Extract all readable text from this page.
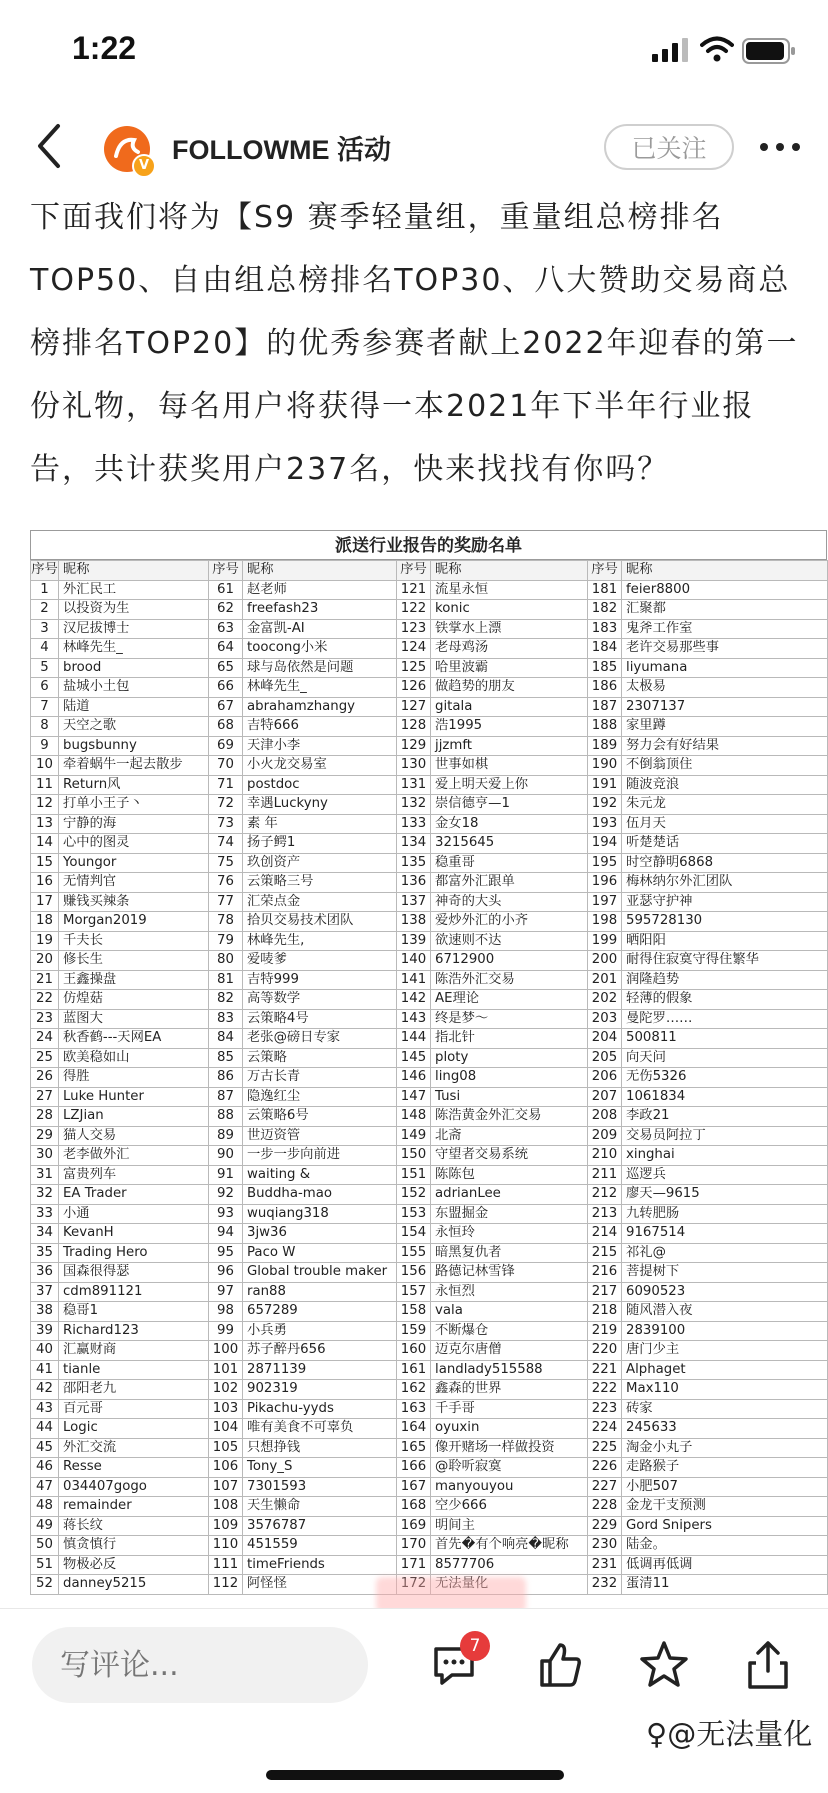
1:22
V
FOLLOWME 活动	已关注
下面我们将为【S9 赛季轻量组，重量组总榜排名TOP50、自由组总榜排名TOP30、八大赞助交易商总榜排名TOP20】的优秀参赛者献上2022年迎春的第一份礼物，每名用户将获得一本2021年下半年行业报告，共计获奖用户237名，快来找找有你吗？
派送行业报告的奖励名单
序号	昵称	序号	昵称	序号	昵称	序号	昵称
1	外汇民工	61	赵老师	121	流星永恒	181	feier8800
2	以投资为生	62	freefash23	122	konic	182	汇聚都
3	汉尼拔博士	63	金富凯-AI	123	铁掌水上漂	183	鬼斧工作室
4	林峰先生_	64	toocong小米	124	老母鸡汤	184	老许交易那些事
5	brood	65	球与岛依然是问题	125	哈里波霸	185	liyumana
6	盐城小土包	66	林峰先生_	126	做趋势的朋友	186	太极易
7	陆道	67	abrahamzhangy	127	gitala	187	2307137
8	天空之歌	68	吉特666	128	浩1995	188	家里蹲
9	bugsbunny	69	天津小李	129	jjzmft	189	努力会有好结果
10	牵着蜗牛一起去散步	70	小火龙交易室	130	世事如棋	190	不倒翁顶住
11	Return风	71	postdoc	131	爱上明天爱上你	191	随波竞浪
12	打单小王子丶	72	幸遇Luckyny	132	崇信德亨—1	192	朱元龙
13	宁静的海	73	素 年	133	金女18	193	伍月天
14	心中的图灵	74	扬子鳄1	134	3215645	194	听楚楚话
15	Youngor	75	玖创资产	135	稳重哥	195	时空静明6868
16	无情判官	76	云策略三号	136	都富外汇跟单	196	梅林纳尔外汇团队
17	赚钱买辣条	77	汇荣点金	137	神奇的大头	197	亚瑟守护神
18	Morgan2019	78	拾贝交易技术团队	138	爱炒外汇的小齐	198	595728130
19	千夫长	79	林峰先生,	139	欲速则不达	199	晒阳阳
20	修长生	80	爱唛爹	140	6712900	200	耐得住寂寞守得住繁华
21	王鑫操盘	81	吉特999	141	陈浩外汇交易	201	润隆趋势
22	仿煌菇	82	高等数学	142	AE理论	202	轻薄的假象
23	蓝图大	83	云策略4号	143	终是梦～	203	曼陀罗……
24	秋香鹤---天网EA	84	老张@磅日专家	144	指北针	204	500811
25	欧美稳如山	85	云策略	145	ploty	205	向天问
26	得胜	86	万古长青	146	ling08	206	无伤5326
27	Luke Hunter	87	隐逸红尘	147	Tusi	207	1061834
28	LZJian	88	云策略6号	148	陈浩黄金外汇交易	208	李政21
29	猫人交易	89	世迈资管	149	北斋	209	交易员阿拉丁
30	老李做外汇	90	一步一步向前进	150	守望者交易系统	210	xinghai
31	富贵列车	91	waiting &	151	陈陈包	211	巡逻兵
32	EA Trader	92	Buddha-mao	152	adrianLee	212	廖天—9615
33	小通	93	wuqiang318	153	东盟掘金	213	九转肥肠
34	KevanH	94	3jw36	154	永恒玲	214	9167514
35	Trading Hero	95	Paco W	155	暗黑复仇者	215	祁礼@
36	国森很得瑟	96	Global trouble maker	156	路德记林雪锋	216	菩提树下
37	cdm891121	97	ran88	157	永恒烈	217	6090523
38	稳哥1	98	657289	158	vala	218	随风潜入夜
39	Richard123	99	小兵勇	159	不断爆仓	219	2839100
40	汇赢财商	100	苏子醉丹656	160	迈克尔唐僧	220	唐门少主
41	tianle	101	2871139	161	landlady515588	221	Alphaget
42	邵阳老九	102	902319	162	鑫森的世界	222	Max110
43	百元哥	103	Pikachu-yyds	163	千手哥	223	砖家
44	Logic	104	唯有美食不可辜负	164	oyuxin	224	245633
45	外汇交流	105	只想挣钱	165	像开赌场一样做投资	225	淘金小丸子
46	Resse	106	Tony_S	166	@聆听寂寞	226	走路猴子
47	034407gogo	107	7301593	167	manyouyou	227	小肥507
48	remainder	108	天生懒命	168	空少666	228	金龙干支预测
49	蒋长纹	109	3576787	169	明间主	229	Gord Snipers
50	慎贪慎行	110	451559	170	首先�有个响亮�昵称	230	陆金。
51	物极必反	111	timeFriends	171	8577706	231	低调再低调
52	danney5215	112	阿怪怪	172	无法量化	232	蛋清11
写评论...
7
♀@无法量化
